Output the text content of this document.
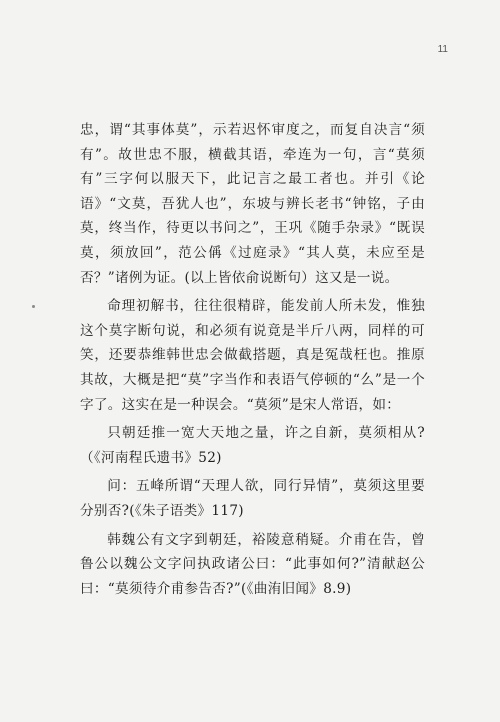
11

忠，谓“其事体莫”，示若迟怀审度之，而复自决言“须有”。故世忠不服，横截其语，牵连为一句，言“莫须有”三字何以服天下，此记言之最工者也。并引《论语》“文莫，吾犹人也”，东坡与辨长老书“钟铭，子由莫，终当作，待更以书问之”，王巩《随手杂录》“既误莫，须放回”，范公偁《过庭录》“其人莫，未应至是否？”诸例为证。(以上皆依俞说断句）这又是一说。

命理初解书，往往很精辟，能发前人所未发，惟独这个莫字断句说，和必须有说竟是半斤八两，同样的可笑，还要恭维韩世忠会做截搭题，真是冤哉枉也。推原其故，大概是把“莫”字当作和表语气停顿的“么”是一个字了。这实在是一种误会。“莫须”是宋人常语，如：

只朝廷推一宽大天地之量，许之自新，莫须相从?（《河南程氏遗书》52)

问：五峰所谓“天理人欲，同行异情”，莫须这里要分别否?(《朱子语类》117)

韩魏公有文字到朝廷，裕陵意稍疑。介甫在告，曾鲁公以魏公文字问执政诸公曰：“此事如何?”清献赵公曰：“莫须待介甫参告否?”(《曲洧旧闻》8.9)
